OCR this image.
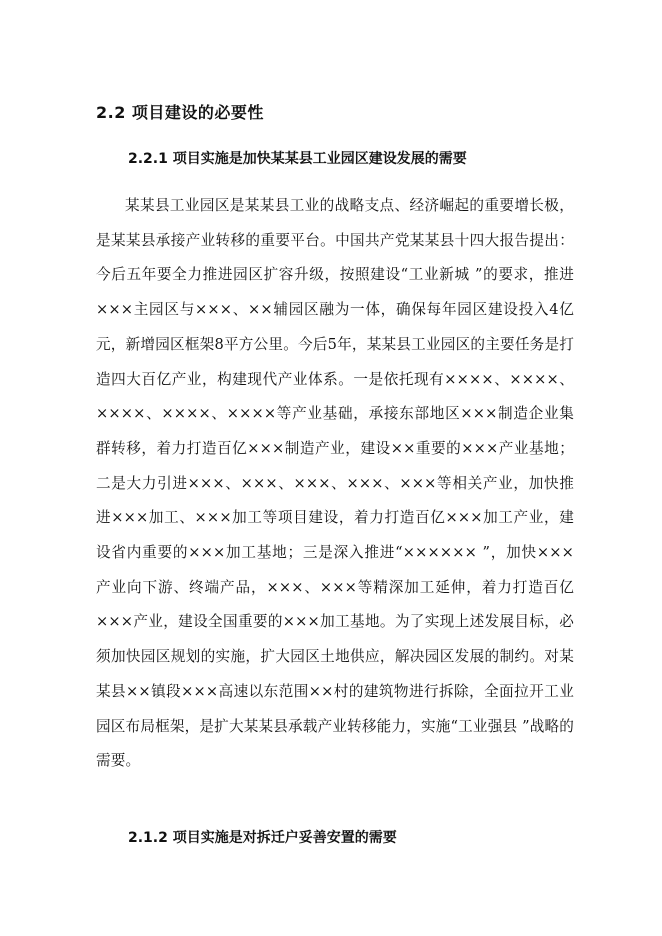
2.2 项目建设的必要性
2.2.1 项目实施是加快某某县工业园区建设发展的需要

某某县工业园区是某某县工业的战略支点、经济崛起的重要增长极，是某某县承接产业转移的重要平台。中国共产党某某县十四大报告提出：今后五年要全力推进园区扩容升级，按照建设“工业新城 ”的要求，推进×××主园区与×××、××辅园区融为一体，确保每年园区建设投入4亿元，新增园区框架8平方公里。今后5年，某某县工业园区的主要任务是打造四大百亿产业，构建现代产业体系。一是依托现有××××、××××、××××、××××、××××等产业基础，承接东部地区×××制造企业集群转移，着力打造百亿×××制造产业，建设××重要的×××产业基地；二是大力引进×××、×××、×××、×××、×××等相关产业，加快推进×××加工、×××加工等项目建设，着力打造百亿×××加工产业，建设省内重要的×××加工基地；三是深入推进“×××××× ”，加快×××产业向下游、终端产品，×××、×××等精深加工延伸，着力打造百亿×××产业，建设全国重要的×××加工基地。为了实现上述发展目标，必须加快园区规划的实施，扩大园区土地供应，解决园区发展的制约。对某某县××镇段×××高速以东范围××村的建筑物进行拆除，全面拉开工业园区布局框架，是扩大某某县承载产业转移能力，实施“工业强县 ”战略的需要。

2.1.2 项目实施是对拆迁户妥善安置的需要
